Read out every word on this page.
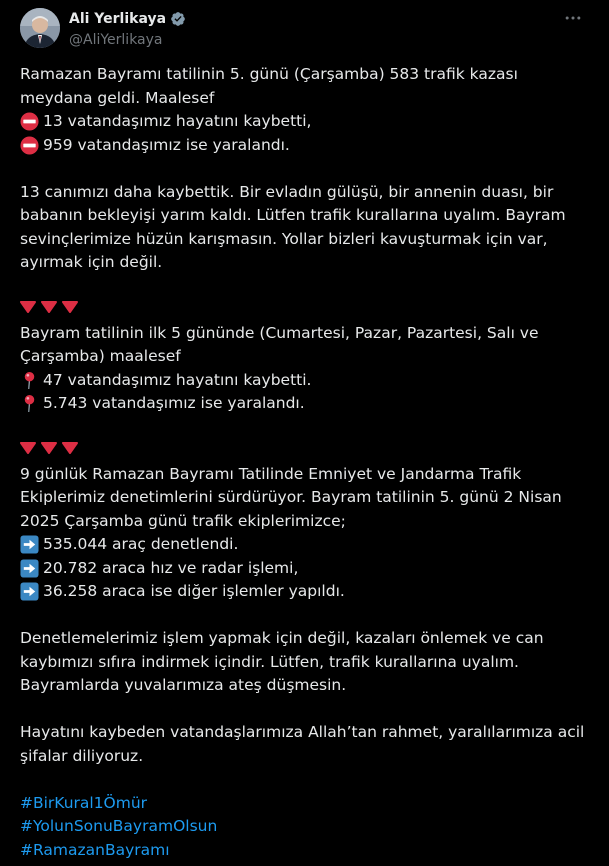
Ali Yerlikaya
@AliYerlikaya
Ramazan Bayramı tatilinin 5. günü (Çarşamba) 583 trafik kazası
meydana geldi. Maalesef
13 vatandaşımız hayatını kaybetti,
959 vatandaşımız ise yaralandı.
13 canımızı daha kaybettik. Bir evladın gülüşü, bir annenin duası, bir
babanın bekleyişi yarım kaldı. Lütfen trafik kurallarına uyalım. Bayram
sevinçlerimize hüzün karışmasın. Yollar bizleri kavuşturmak için var,
ayırmak için değil.
Bayram tatilinin ilk 5 gününde (Cumartesi, Pazar, Pazartesi, Salı ve
Çarşamba) maalesef
47 vatandaşımız hayatını kaybetti.
5.743 vatandaşımız ise yaralandı.
9 günlük Ramazan Bayramı Tatilinde Emniyet ve Jandarma Trafik
Ekiplerimiz denetimlerini sürdürüyor. Bayram tatilinin 5. günü 2 Nisan
2025 Çarşamba günü trafik ekiplerimizce;
535.044 araç denetlendi.
20.782 araca hız ve radar işlemi,
36.258 araca ise diğer işlemler yapıldı.
Denetlemelerimiz işlem yapmak için değil, kazaları önlemek ve can
kaybımızı sıfıra indirmek içindir. Lütfen, trafik kurallarına uyalım.
Bayramlarda yuvalarımıza ateş düşmesin.
Hayatını kaybeden vatandaşlarımıza Allah’tan rahmet, yaralılarımıza acil
şifalar diliyoruz.
#BirKural1Ömür
#YolunSonuBayramOlsun
#RamazanBayramı
